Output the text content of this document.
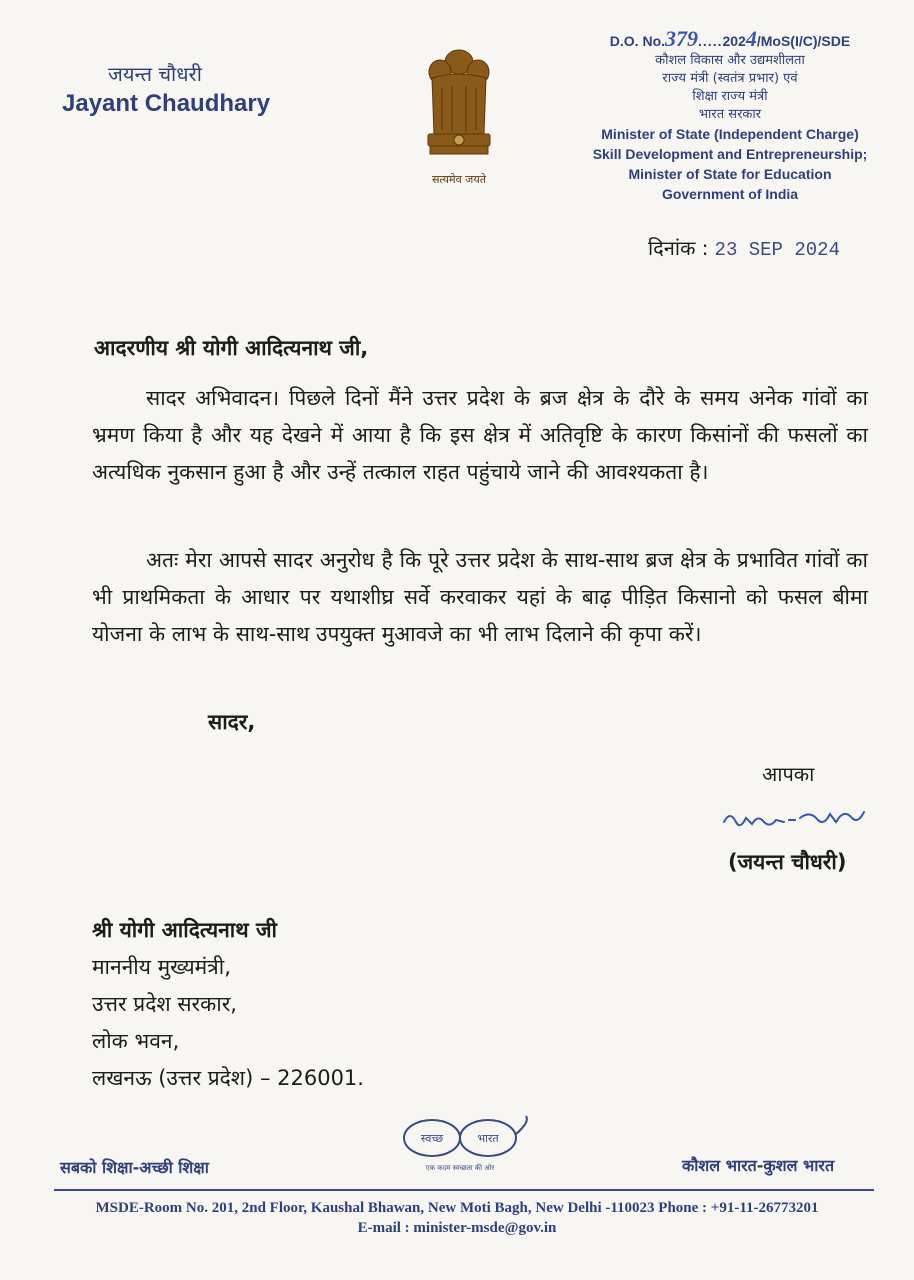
जयन्त चौधरी
Jayant Chaudhary
सत्यमेव जयते
D.O. No.379.....2024/MoS(I/C)/SDE
कौशल विकास और उद्यमशीलता
राज्य मंत्री (स्वतंत्र प्रभार) एवं
शिक्षा राज्य मंत्री
भारत सरकार
Minister of State (Independent Charge)
Skill Development and Entrepreneurship;
Minister of State for Education
Government of India
दिनांक : 23 SEP 2024
आदरणीय श्री योगी आदित्यनाथ जी,
सादर अभिवादन। पिछले दिनों मैंने उत्तर प्रदेश के ब्रज क्षेत्र के दौरे के समय अनेक गांवों का भ्रमण किया है और यह देखने में आया है कि इस क्षेत्र में अतिवृष्टि के कारण किसांनों की फसलों का अत्यधिक नुकसान हुआ है और उन्हें तत्काल राहत पहुंचाये जाने की आवश्यकता है।
अतः मेरा आपसे सादर अनुरोध है कि पूरे उत्तर प्रदेश के साथ-साथ ब्रज क्षेत्र के प्रभावित गांवों का भी प्राथमिकता के आधार पर यथाशीघ्र सर्वे करवाकर यहां के बाढ़ पीड़ित किसानो को फसल बीमा योजना के लाभ के साथ-साथ उपयुक्त मुआवजे का भी लाभ दिलाने की कृपा करें।
सादर,
आपका
(जयन्त चौधरी)
श्री योगी आदित्यनाथ जी
माननीय मुख्यमंत्री,
उत्तर प्रदेश सरकार,
लोक भवन,
लखनऊ (उत्तर प्रदेश) – 226001.
सबको शिक्षा-अच्छी शिक्षा
स्वच्छ	भारत
एक कदम स्वच्छता की ओर	कौशल भारत-कुशल भारत
MSDE-Room No. 201, 2nd Floor, Kaushal Bhawan, New Moti Bagh, New Delhi -110023 Phone : +91-11-26773201
E-mail : minister-msde@gov.in
